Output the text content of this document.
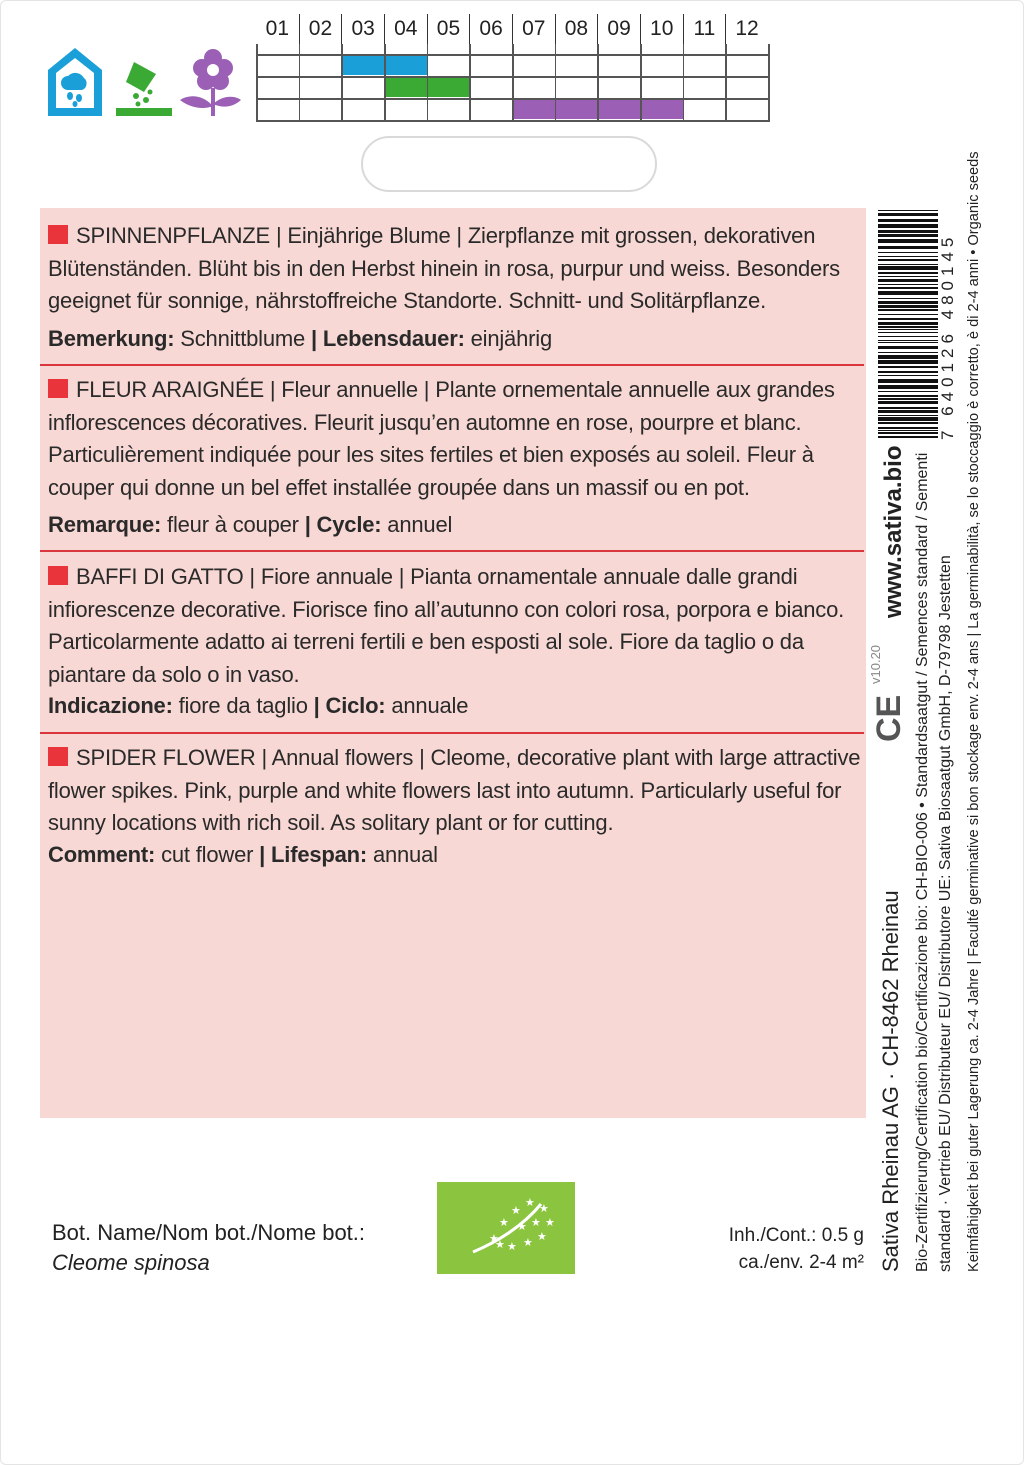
01 02 03 04 05 06 07 08 09 10 11 12
SPINNENPFLANZE | Einjährige Blume | Zierpflanze mit grossen, dekorativen Blütenständen. Blüht bis in den Herbst hinein in rosa, purpur und weiss. Besonders geeignet für sonnige, nährstoffreiche Standorte. Schnitt- und Solitärpflanze.
Bemerkung: Schnittblume | Lebensdauer: einjährig
FLEUR ARAIGNÉE | Fleur annuelle | Plante ornementale annuelle aux grandes inflorescences décoratives. Fleurit jusqu’en automne en rose, pourpre et blanc. Particulièrement indiquée pour les sites fertiles et bien exposés au soleil. Fleur à couper qui donne un bel effet installée groupée dans un massif ou en pot.
Remarque: fleur à couper | Cycle: annuel
BAFFI DI GATTO | Fiore annuale | Pianta ornamentale annuale dalle grandi infiorescenze decorative. Fiorisce fino all’autunno con colori rosa, porpora e bianco. Particolarmente adatto ai terreni fertili e ben esposti al sole. Fiore da taglio o da piantare da solo o in vaso.
Indicazione: fiore da taglio | Ciclo: annuale
SPIDER FLOWER | Annual flowers | Cleome, decorative plant with large attractive flower spikes. Pink, purple and white flowers last into autumn. Particularly useful for sunny locations with rich soil. As solitary plant or for cutting.
Comment: cut flower | Lifespan: annual
7 640126 480145
www.sativa.bio
v10.20
CE
Sativa Rheinau AG · CH-8462 Rheinau Bio-Zertifizierung/Certification bio/Certificazione bio: CH-BIO-006 • Standardsaatgut / Semences standard / Sementi standard · Vertrieb EU/ Distributeur EU/ Distributore UE: Sativa Biosaatgut GmbH, D-79798 Jestetten Keimfähigkeit bei guter Lagerung ca. 2-4 Jahre | Faculté germinative si bon stockage env. 2-4 ans | La germinabilità, se lo stoccaggio è corretto, è di 2-4 anni • Organic seeds
Bot. Name/Nom bot./Nome bot.:
Cleome spinosa
★
★
★
★ ★
★
★
★
★
★
★
★	Inh./Cont.: 0.5 g
ca./env. 2-4 m²
